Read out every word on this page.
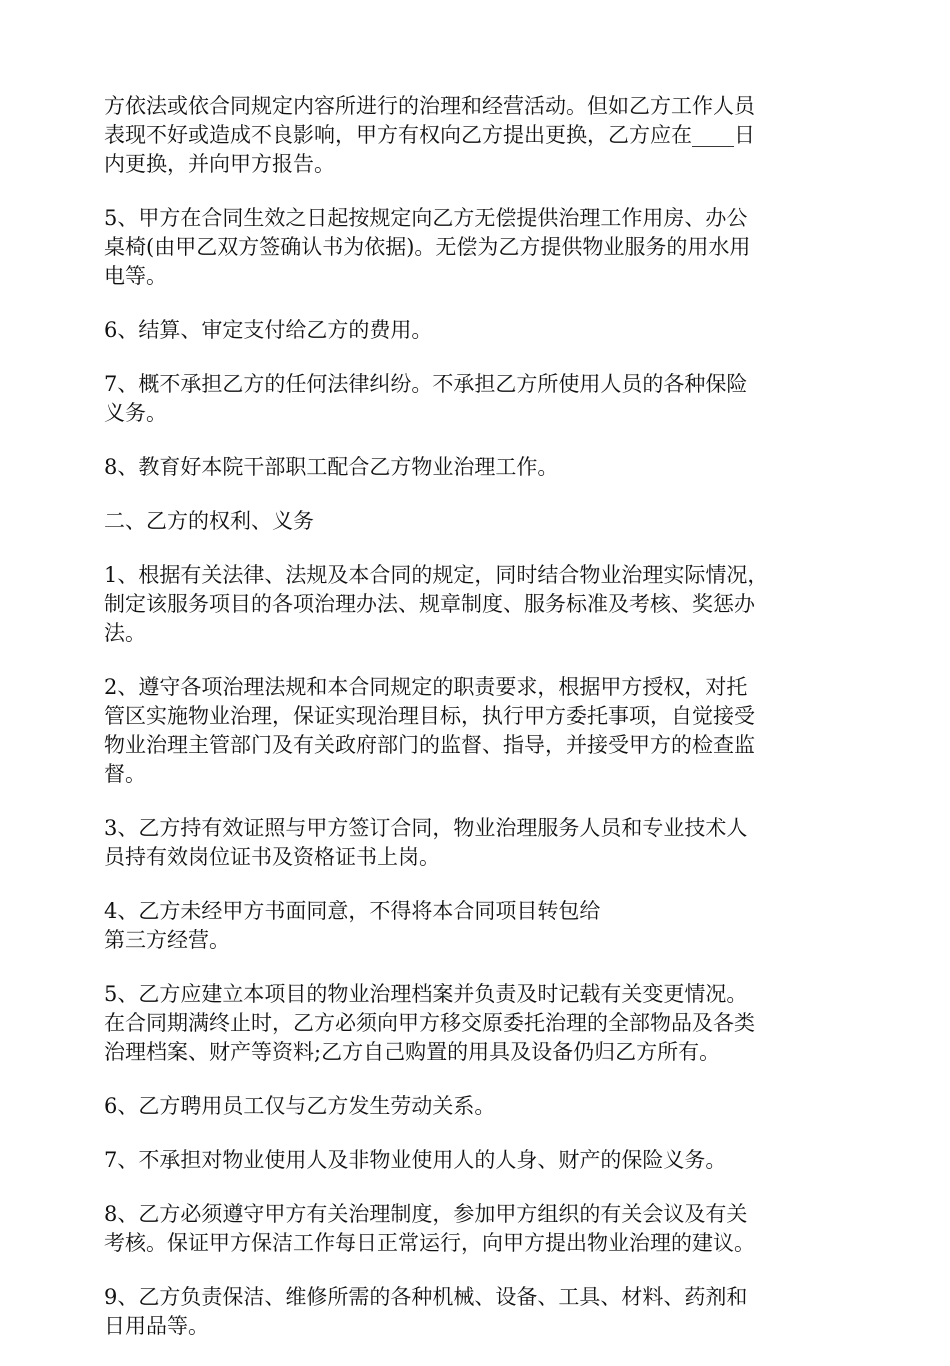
方依法或依合同规定内容所进行的治理和经营活动。但如乙方工作人员
表现不好或造成不良影响，甲方有权向乙方提出更换，乙方应在____日
内更换，并向甲方报告。
5、甲方在合同生效之日起按规定向乙方无偿提供治理工作用房、办公
桌椅(由甲乙双方签确认书为依据)。无偿为乙方提供物业服务的用水用
电等。
6、结算、审定支付给乙方的费用。
7、概不承担乙方的任何法律纠纷。不承担乙方所使用人员的各种保险
义务。
8、教育好本院干部职工配合乙方物业治理工作。
二、乙方的权利、义务
1、根据有关法律、法规及本合同的规定，同时结合物业治理实际情况，
制定该服务项目的各项治理办法、规章制度、服务标准及考核、奖惩办
法。
2、遵守各项治理法规和本合同规定的职责要求，根据甲方授权，对托
管区实施物业治理，保证实现治理目标，执行甲方委托事项，自觉接受
物业治理主管部门及有关政府部门的监督、指导，并接受甲方的检查监
督。
3、乙方持有效证照与甲方签订合同，物业治理服务人员和专业技术人
员持有效岗位证书及资格证书上岗。
4、乙方未经甲方书面同意，不得将本合同项目转包给
第三方经营。
5、乙方应建立本项目的物业治理档案并负责及时记载有关变更情况。
在合同期满终止时，乙方必须向甲方移交原委托治理的全部物品及各类
治理档案、财产等资料;乙方自己购置的用具及设备仍归乙方所有。
6、乙方聘用员工仅与乙方发生劳动关系。
7、不承担对物业使用人及非物业使用人的人身、财产的保险义务。
8、乙方必须遵守甲方有关治理制度，参加甲方组织的有关会议及有关
考核。保证甲方保洁工作每日正常运行，向甲方提出物业治理的建议。
9、乙方负责保洁、维修所需的各种机械、设备、工具、材料、药剂和
日用品等。
